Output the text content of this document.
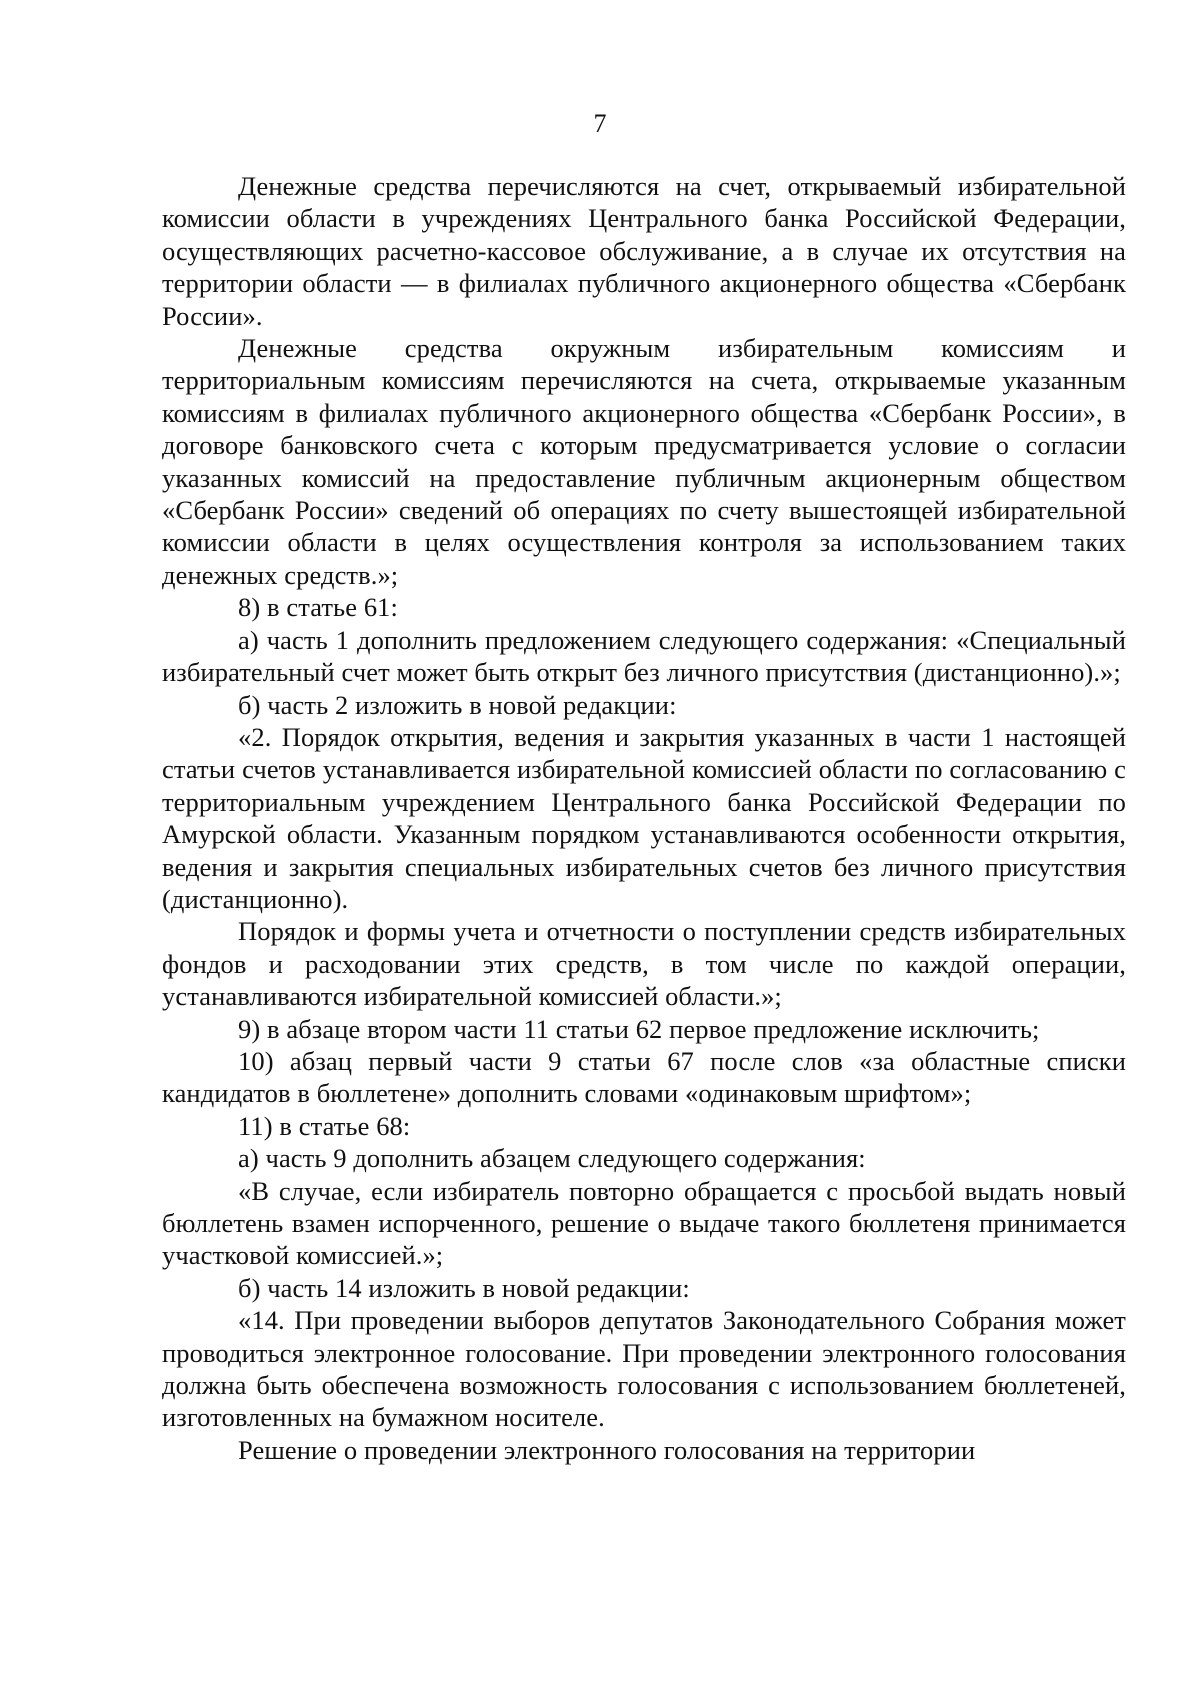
7

Денежные средства перечисляются на счет, открываемый избирательной комиссии области в учреждениях Центрального банка Российской Федерации, осуществляющих расчетно-кассовое обслуживание, а в случае их отсутствия на территории области — в филиалах публичного акционерного общества «Сбербанк России».

Денежные средства окружным избирательным комиссиям и территориальным комиссиям перечисляются на счета, открываемые указанным комиссиям в филиалах публичного акционерного общества «Сбербанк России», в договоре банковского счета с которым предусматривается условие о согласии указанных комиссий на предоставление публичным акционерным обществом «Сбербанк России» сведений об операциях по счету вышестоящей избирательной комиссии области в целях осуществления контроля за использованием таких денежных средств.»;

8) в статье 61:

а) часть 1 дополнить предложением следующего содержания: «Специальный избирательный счет может быть открыт без личного присутствия (дистанционно).»;

б) часть 2 изложить в новой редакции:

«2. Порядок открытия, ведения и закрытия указанных в части 1 настоящей статьи счетов устанавливается избирательной комиссией области по согласованию с территориальным учреждением Центрального банка Российской Федерации по Амурской области. Указанным порядком устанавливаются особенности открытия, ведения и закрытия специальных избирательных счетов без личного присутствия (дистанционно).

Порядок и формы учета и отчетности о поступлении средств избирательных фондов и расходовании этих средств, в том числе по каждой операции, устанавливаются избирательной комиссией области.»;

9) в абзаце втором части 11 статьи 62 первое предложение исключить;

10) абзац первый части 9 статьи 67 после слов «за областные списки кандидатов в бюллетене» дополнить словами «одинаковым шрифтом»;

11) в статье 68:

а) часть 9 дополнить абзацем следующего содержания:

«В случае, если избиратель повторно обращается с просьбой выдать новый бюллетень взамен испорченного, решение о выдаче такого бюллетеня принимается участковой комиссией.»;

б) часть 14 изложить в новой редакции:

«14. При проведении выборов депутатов Законодательного Собрания может проводиться электронное голосование. При проведении электронного голосования должна быть обеспечена возможность голосования с использованием бюллетеней, изготовленных на бумажном носителе.

Решение о проведении электронного голосования на территории
